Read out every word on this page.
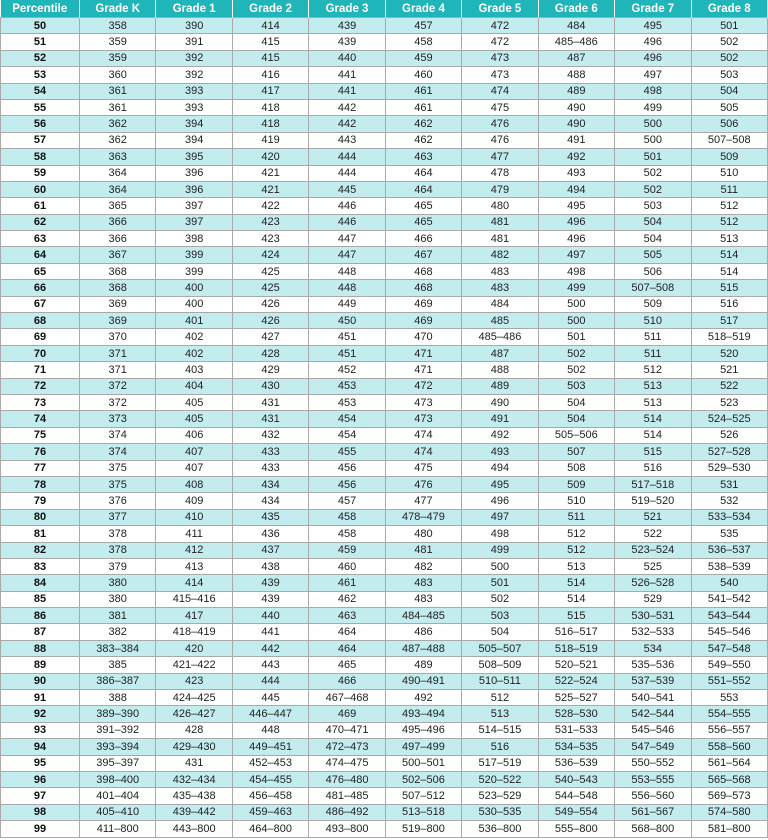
Percentile	Grade K	Grade 1	Grade 2	Grade 3	Grade 4	Grade 5	Grade 6	Grade 7	Grade 8
50	358	390	414	439	457	472	484	495	501
51	359	391	415	439	458	472	485–486	496	502
52	359	392	415	440	459	473	487	496	502
53	360	392	416	441	460	473	488	497	503
54	361	393	417	441	461	474	489	498	504
55	361	393	418	442	461	475	490	499	505
56	362	394	418	442	462	476	490	500	506
57	362	394	419	443	462	476	491	500	507–508
58	363	395	420	444	463	477	492	501	509
59	364	396	421	444	464	478	493	502	510
60	364	396	421	445	464	479	494	502	511
61	365	397	422	446	465	480	495	503	512
62	366	397	423	446	465	481	496	504	512
63	366	398	423	447	466	481	496	504	513
64	367	399	424	447	467	482	497	505	514
65	368	399	425	448	468	483	498	506	514
66	368	400	425	448	468	483	499	507–508	515
67	369	400	426	449	469	484	500	509	516
68	369	401	426	450	469	485	500	510	517
69	370	402	427	451	470	485–486	501	511	518–519
70	371	402	428	451	471	487	502	511	520
71	371	403	429	452	471	488	502	512	521
72	372	404	430	453	472	489	503	513	522
73	372	405	431	453	473	490	504	513	523
74	373	405	431	454	473	491	504	514	524–525
75	374	406	432	454	474	492	505–506	514	526
76	374	407	433	455	474	493	507	515	527–528
77	375	407	433	456	475	494	508	516	529–530
78	375	408	434	456	476	495	509	517–518	531
79	376	409	434	457	477	496	510	519–520	532
80	377	410	435	458	478–479	497	511	521	533–534
81	378	411	436	458	480	498	512	522	535
82	378	412	437	459	481	499	512	523–524	536–537
83	379	413	438	460	482	500	513	525	538–539
84	380	414	439	461	483	501	514	526–528	540
85	380	415–416	439	462	483	502	514	529	541–542
86	381	417	440	463	484–485	503	515	530–531	543–544
87	382	418–419	441	464	486	504	516–517	532–533	545–546
88	383–384	420	442	464	487–488	505–507	518–519	534	547–548
89	385	421–422	443	465	489	508–509	520–521	535–536	549–550
90	386–387	423	444	466	490–491	510–511	522–524	537–539	551–552
91	388	424–425	445	467–468	492	512	525–527	540–541	553
92	389–390	426–427	446–447	469	493–494	513	528–530	542–544	554–555
93	391–392	428	448	470–471	495–496	514–515	531–533	545–546	556–557
94	393–394	429–430	449–451	472–473	497–499	516	534–535	547–549	558–560
95	395–397	431	452–453	474–475	500–501	517–519	536–539	550–552	561–564
96	398–400	432–434	454–455	476–480	502–506	520–522	540–543	553–555	565–568
97	401–404	435–438	456–458	481–485	507–512	523–529	544–548	556–560	569–573
98	405–410	439–442	459–463	486–492	513–518	530–535	549–554	561–567	574–580
99	411–800	443–800	464–800	493–800	519–800	536–800	555–800	568–800	581–800
